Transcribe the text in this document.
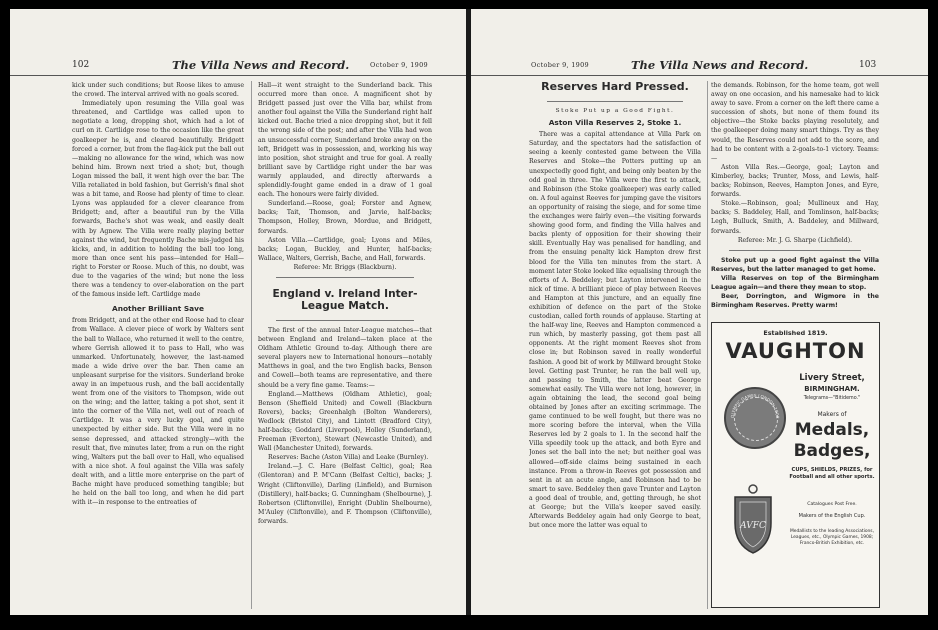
102	The Villa News and Record.	October 9, 1909

kick under such conditions; but Roose likes to amuse the crowd. The interval arrived with no goals scored.

Immediately upon resuming the Villa goal was threatened, and Cartlidge was called upon to negotiate a long, dropping shot, which had a lot of curl on it. Cartlidge rose to the occasion like the great goalkeeper he is, and cleared beautifully. Bridgett forced a corner, but from the flag-kick put the ball out—making no allowance for the wind, which was now behind him. Brown next tried a shot; but, though Logan missed the ball, it went high over the bar. The Villa retaliated in bold fashion, but Gerrish's final shot was a bit tame, and Roose had plenty of time to clear. Lyons was applauded for a clever clearance from Bridgett; and, after a beautiful run by the Villa forwards, Bache's shot was weak, and easily dealt with by Agnew. The Villa were really playing better against the wind, but frequently Bache mis-judged his kicks, and, in addition to holding the ball too long, more than once sent his pass—intended for Hall—right to Forster or Roose. Much of this, no doubt, was due to the vagaries of the wind; but none the less there was a tendency to over-elaboration on the part of the famous inside left. Cartlidge made

Another Brilliant Save

from Bridgett, and at the other end Roose had to clear from Wallace. A clever piece of work by Walters sent the ball to Wallace, who returned it well to the centre, where Gerrish allowed it to pass to Hall, who was unmarked. Unfortunately, however, the last-named made a wide drive over the bar. Then came an unpleasant surprise for the visitors. Sunderland broke away in an impetuous rush, and the ball accidentally went from one of the visitors to Thompson, wide out on the wing; and the latter, taking a pot shot, sent it into the corner of the Villa net, well out of reach of Cartlidge. It was a very lucky goal, and quite unexpected by either side. But the Villa were in no sense depressed, and attacked strongly—with the result that, five minutes later, from a run on the right wing, Walters put the ball over to Hall, who equalised with a nice shot. A foul against the Villa was safely dealt with, and a little more enterprise on the part of Bache might have produced something tangible; but he held on the ball too long, and when he did part with it—in response to the entreaties of

Hall—it went straight to the Sunderland back. This occurred more than once. A magnificent shot by Bridgett passed just over the Villa bar, whilst from another foul against the Villa the Sunderland right half kicked out. Bache tried a nice dropping shot, but it fell the wrong side of the post; and after the Villa had won an unsuccessful corner, Sunderland broke away on the left, Bridgett was in possession, and, working his way into position, shot straight and true for goal. A really brilliant save by Cartlidge right under the bar was warmly applauded, and directly afterwards a splendidly-fought game ended in a draw of 1 goal each. The honours were fairly divided.

Sunderland.—Roose, goal; Forster and Agnew, backs; Tait, Thomson, and Jarvie, half-backs; Thompson, Holley, Brown, Mordue, and Bridgett, forwards.

Aston Villa.—Cartlidge, goal; Lyons and Miles, backs; Logan, Buckley, and Hunter, half-backs; Wallace, Walters, Gerrish, Bache, and Hall, forwards.

Referee: Mr. Briggs (Blackburn).

England v. Ireland Inter-League Match.

The first of the annual Inter-League matches—that between England and Ireland—taken place at the Oldham Athletic Ground to-day. Although there are several players new to International honours—notably Matthews in goal, and the two English backs, Benson and Cowell—both teams are representative, and there should be a very fine game. Teams:—

England.—Matthews (Oldham Athletic), goal; Benson (Sheffield United) and Cowell (Blackburn Rovers), backs; Greenhalgh (Bolton Wanderers), Wedlock (Bristol City), and Lintott (Bradford City), half-backs; Goddard (Liverpool), Holley (Sunderland), Freeman (Everton), Stewart (Newcastle United), and Wall (Manchester United), forwards.

Reserves: Bache (Aston Villa) and Leake (Burnley).

Ireland.—J. C. Hare (Belfast Celtic), goal; Rea (Glentoran) and P. M'Cann (Belfast Celtic), backs; J. Wright (Cliftonville), Darling (Linfield), and Burnison (Distillery), half-backs; G. Cunningham (Shelbourne), J. Robertson (Cliftonville), Enright (Dublin Shelbourne), M'Auley (Cliftonville), and F. Thompson (Cliftonville), forwards.

October 9, 1909	The Villa News and Record.	103
Reserves Hard Pressed.
Stoke Put up a Good Fight.
Aston Villa Reserves 2, Stoke 1.

There was a capital attendance at Villa Park on Saturday, and the spectators had the satisfaction of seeing a keenly contested game between the Villa Reserves and Stoke—the Potters putting up an unexpectedly good fight, and being only beaten by the odd goal in three. The Villa were the first to attack, and Robinson (the Stoke goalkeeper) was early called on. A foul against Reeves for jumping gave the visitors an opportunity of raising the siege, and for some time the exchanges were fairly even—the visiting forwards showing good form, and finding the Villa halves and backs plenty of opposition for their showing their skill. Eventually Hay was penalised for handling, and from the ensuing penalty kick Hampton drew first blood for the Villa ten minutes from the start. A moment later Stoke looked like equalising through the efforts of A. Beddeley; but Layton intervened in the nick of time. A brilliant piece of play between Reeves and Hampton at this juncture, and an equally fine exhibition of defence on the part of the Stoke custodian, called forth rounds of applause. Starting at the half-way line, Reeves and Hampton commenced a run which, by masterly passing, got them past all opponents. At the right moment Reeves shot from close in; but Robinson saved in really wonderful fashion. A good bit of work by Millward brought Stoke level. Getting past Trunter, he ran the ball well up, and passing to Smith, the latter beat George somewhat easily. The Villa were not long, however, in again obtaining the lead, the second goal being obtained by Jones after an exciting scrimmage. The game continued to be well fought, but there was no more scoring before the interval, when the Villa Reserves led by 2 goals to 1. In the second half the Villa speedily took up the attack, and both Eyre and Jones set the ball into the net; but neither goal was allowed—off-side claims being sustained in each instance. From a throw-in Reeves got possession and sent in at an acute angle, and Robinson had to be smart to save. Beddeley then gave Trunter and Layton a good deal of trouble, and, getting through, he shot at George; but the Villa's keeper saved easily. Afterwards Beddeley again had only George to beat, but once more the latter was equal to

the demands. Robinson, for the home team, got well away on one occasion, and his namesake had to kick away to save. From a corner on the left there came a succession of shots, but none of them found its objective—the Stoke backs playing resolutely, and the goalkeeper doing many smart things. Try as they would, the Reserves could not add to the score, and had to be content with a 2-goals-to-1 victory. Teams:—

Aston Villa Res.—George, goal; Layton and Kimberley, backs; Trunter, Moss, and Lewis, half-backs; Robinson, Reeves, Hampton Jones, and Eyre, forwards.

Stoke.—Robinson, goal; Mullineux and Hay, backs; S. Baddeley, Hall, and Tomlinson, half-backs; Legh, Bulluck, Smith, A. Baddeley, and Millward, forwards.

Referee: Mr. J. G. Sharpe (Lichfield).

Stoke put up a good fight against the Villa Reserves, but the latter managed to get home.

Villa Reserves on top of the Birmingham League again—and there they mean to stop.

Beer, Dorrington, and Wigmore in the Birmingham Reserves. Pretty warm!

Established 1819.
VAUGHTON
Livery Street,
BIRMINGHAM.
Telegrams—"Bitidemo."
Makers of
Medals,
Badges,
CUPS, SHIELDS, PRIZES, for Football and all other sports.
Catalogues Post Free.
Makers of the English Cup.
Medallists to the leading Associations, Leagues, etc., Olympic Games, 1908; Franco-British Exhibition, etc.
OLYMPIC GAMES LONDON 1908
AVFC
